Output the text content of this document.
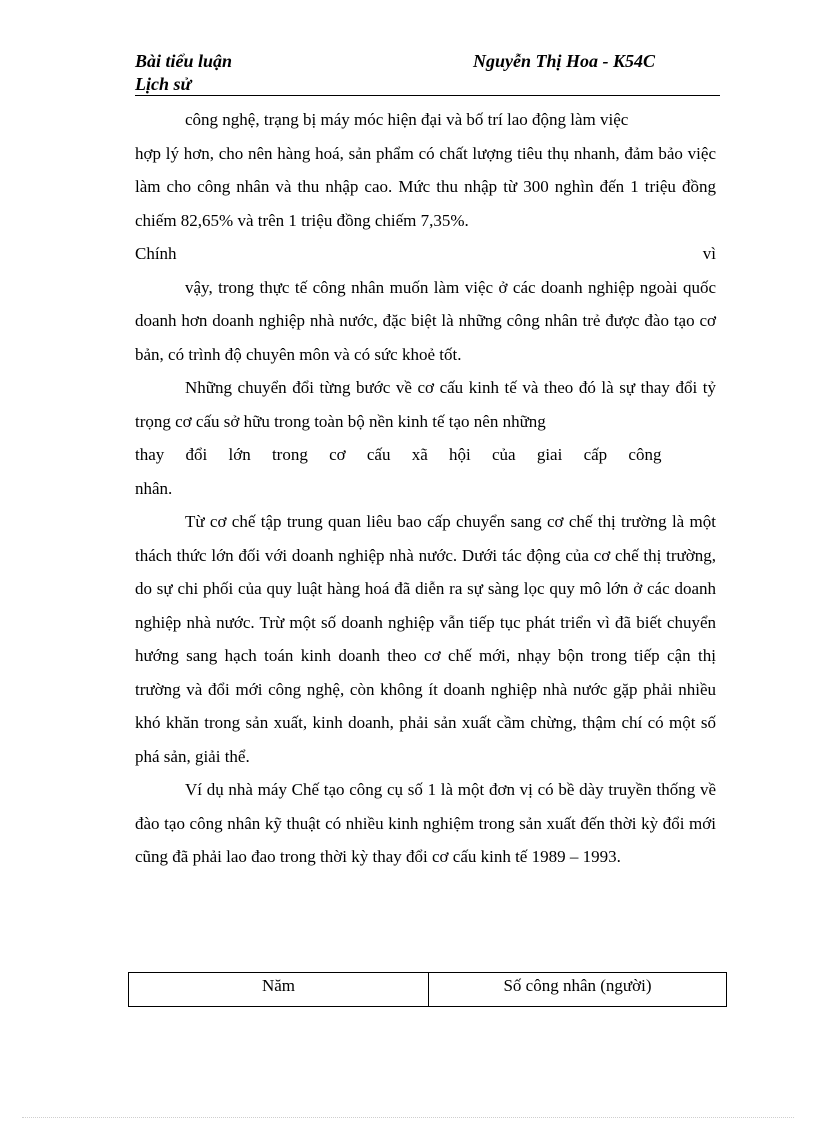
Bài tiểu luận	Nguyễn Thị Hoa - K54C
Lịch sử

công nghệ, trạng bị máy móc hiện đại và bố trí lao động làm việc
hợp lý hơn, cho nên hàng hoá, sản phẩm có chất lượng tiêu thụ nhanh, đảm bảo việc làm cho công nhân và thu nhập cao. Mức thu nhập từ 300 nghìn đến 1 triệu đồng chiếm 82,65% và trên 1 triệu đồng chiếm 7,35%.

Chính	vì

vậy, trong thực tế công nhân muốn làm việc ở các doanh nghiệp ngoài quốc doanh hơn doanh nghiệp nhà nước, đặc biệt là những công nhân trẻ được đào tạo cơ bản, có trình độ chuyên môn và có sức khoẻ tốt.

Những chuyển đổi từng bước về cơ cấu kinh tế và theo đó là sự thay đổi tỷ trọng cơ cấu sở hữu trong toàn bộ nền kinh tế tạo nên những

thay đổi lớn trong cơ cấu xã hội của giai cấp công nhân.

Từ cơ chế tập trung quan liêu bao cấp chuyển sang cơ chế thị trường là một thách thức lớn đối với doanh nghiệp nhà nước. Dưới tác động của cơ chế thị trường, do sự chi phối của quy luật hàng hoá đã diễn ra sự sàng lọc quy mô lớn ở các doanh nghiệp nhà nước. Trừ một số doanh nghiệp vẫn tiếp tục phát triển vì đã biết chuyển hướng sang hạch toán kinh doanh theo cơ chế mới, nhạy bộn trong tiếp cận thị trường và đổi mới công nghệ, còn không ít doanh nghiệp nhà nước gặp phải nhiều khó khăn trong sản xuất, kinh doanh, phải sản xuất cầm chừng, thậm chí có một số phá sản, giải thể.

Ví dụ nhà máy Chế tạo công cụ số 1 là một đơn vị có bề dày truyền thống về đào tạo công nhân kỹ thuật có nhiều kinh nghiệm trong sản xuất đến thời kỳ đổi mới cũng đã phải lao đao trong thời kỳ thay đổi cơ cấu kinh tế 1989 – 1993.

Năm	Số công nhân (người)
